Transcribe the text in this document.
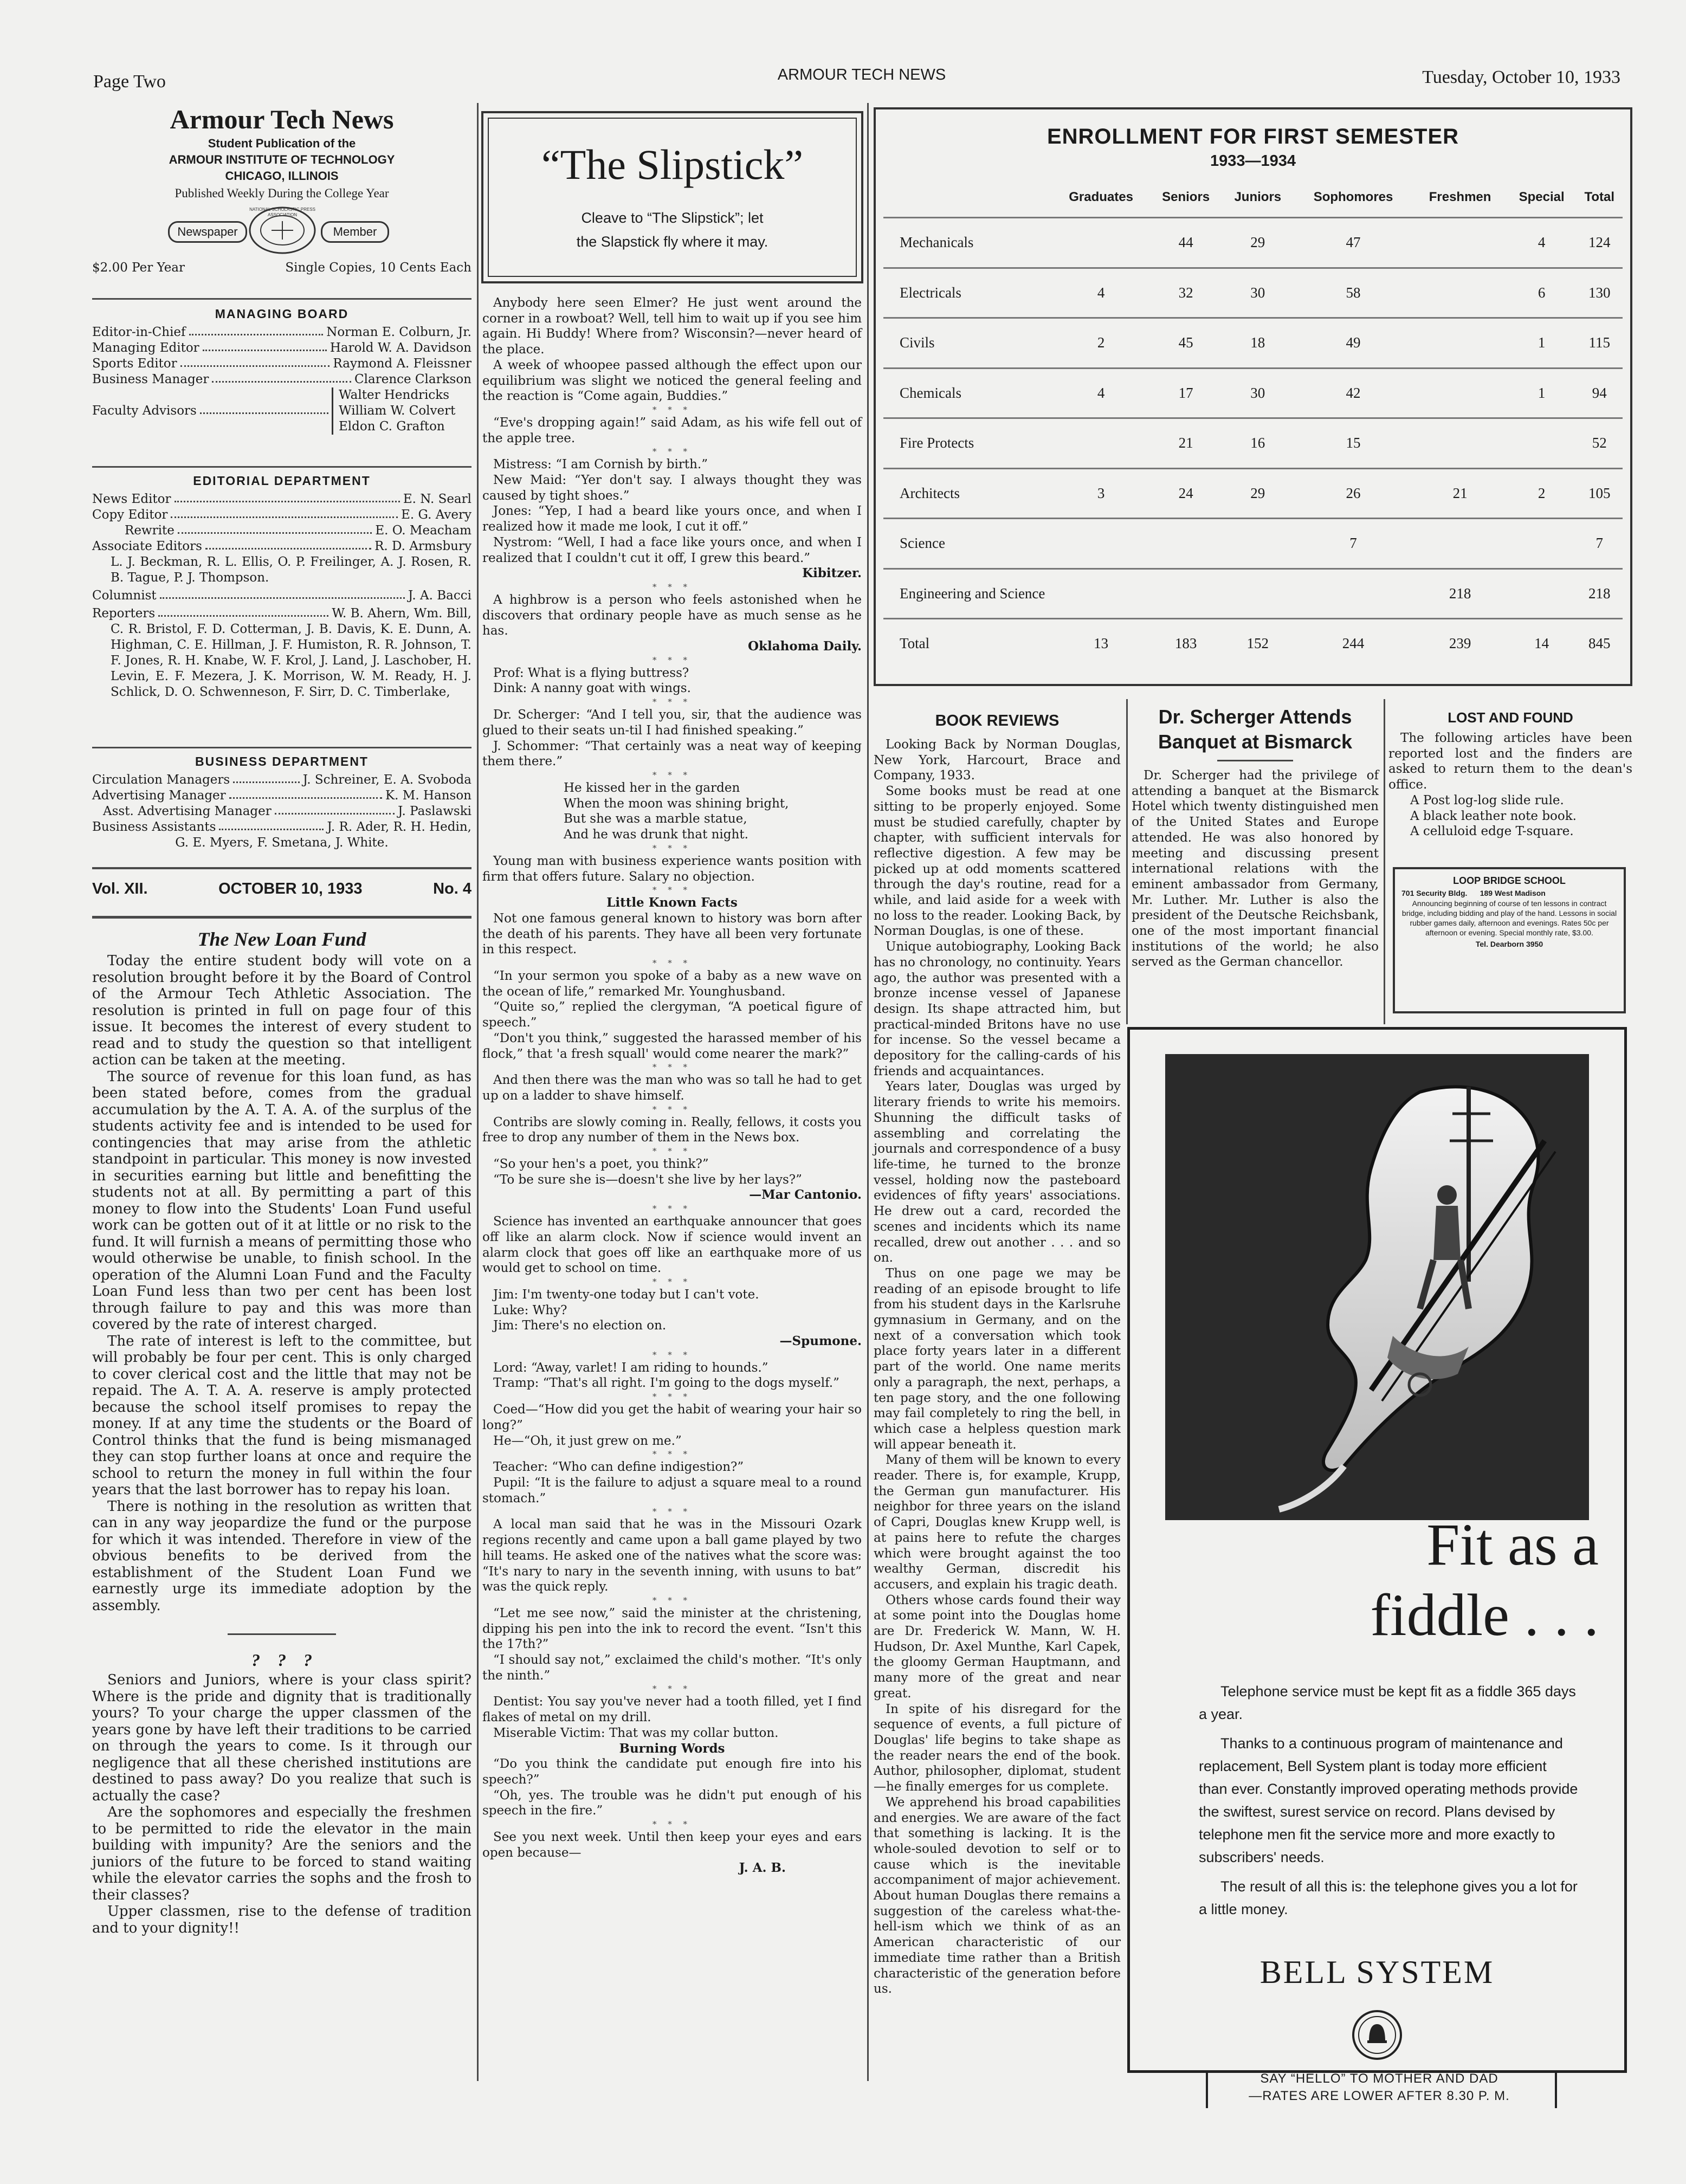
Page Two	ARMOUR TECH NEWS	Tuesday, October 10, 1933
Armour Tech News
Student Publication of the
ARMOUR INSTITUTE OF TECHNOLOGY
CHICAGO, ILLINOIS
Published Weekly During the College Year
Newspaper
NATIONAL SCHOLASTIC PRESS ASSOCIATION
Member
$2.00 Per Year	Single Copies, 10 Cents Each
MANAGING BOARD
Editor-in-Chief	Norman E. Colburn, Jr.
Managing Editor	Harold W. A. Davidson
Sports Editor	Raymond A. Fleissner
Business Manager	Clarence Clarkson
Faculty Advisors
Walter Hendricks
William W. Colvert
Eldon C. Grafton
EDITORIAL DEPARTMENT
News Editor	E. N. Searl
Copy Editor	E. G. Avery
Rewrite	E. O. Meacham
Associate Editors	R. D. Armsbury
L. J. Beckman, R. L. Ellis, O. P. Freilinger, A. J. Rosen, R. B. Tague, P. J. Thompson.
Columnist	J. A. Bacci
Reporters	W. B. Ahern, Wm. Bill,
C. R. Bristol, F. D. Cotterman, J. B. Davis, K. E. Dunn, A. Highman, C. E. Hillman, J. F. Humiston, R. R. Johnson, T. F. Jones, R. H. Knabe, W. F. Krol, J. Land, J. Laschober, H. Levin, E. F. Mezera, J. K. Morrison, W. M. Ready, H. J. Schlick, D. O. Schwenneson, F. Sirr, D. C. Timberlake,
BUSINESS DEPARTMENT
Circulation Managers	J. Schreiner, E. A. Svoboda
Advertising Manager	K. M. Hanson
Asst. Advertising Manager	J. Paslawski
Business Assistants	J. R. Ader, R. H. Hedin,
G. E. Myers, F. Smetana, J. White.
Vol. XII.	OCTOBER 10, 1933	No. 4
The New Loan Fund

Today the entire student body will vote on a resolution brought before it by the Board of Control of the Armour Tech Athletic Association. The resolution is printed in full on page four of this issue. It becomes the interest of every student to read and to study the question so that intelligent action can be taken at the meeting.

The source of revenue for this loan fund, as has been stated before, comes from the gradual accumulation by the A. T. A. A. of the surplus of the students activity fee and is intended to be used for contingencies that may arise from the athletic standpoint in particular. This money is now invested in securities earning but little and benefitting the students not at all. By permitting a part of this money to flow into the Students' Loan Fund useful work can be gotten out of it at little or no risk to the fund. It will furnish a means of permitting those who would otherwise be unable, to finish school. In the operation of the Alumni Loan Fund and the Faculty Loan Fund less than two per cent has been lost through failure to pay and this was more than covered by the rate of interest charged.

The rate of interest is left to the committee, but will probably be four per cent. This is only charged to cover clerical cost and the little that may not be repaid. The A. T. A. A. reserve is amply protected because the school itself promises to repay the money. If at any time the students or the Board of Control thinks that the fund is being mismanaged they can stop further loans at once and require the school to return the money in full within the four years that the last borrower has to repay his loan.

There is nothing in the resolution as written that can in any way jeopardize the fund or the purpose for which it was intended. Therefore in view of the obvious benefits to be derived from the establishment of the Student Loan Fund we earnestly urge its immediate adoption by the assembly.

?    ?    ?

Seniors and Juniors, where is your class spirit? Where is the pride and dignity that is traditionally yours? To your charge the upper classmen of the years gone by have left their traditions to be carried on through the years to come. Is it through our negligence that all these cherished institutions are destined to pass away? Do you realize that such is actually the case?

Are the sophomores and especially the freshmen to be permitted to ride the elevator in the main building with impunity? Are the seniors and the juniors of the future to be forced to stand waiting while the elevator carries the sophs and the frosh to their classes?

Upper classmen, rise to the defense of tradition and to your dignity!!

“The Slipstick”
Cleave to “The Slipstick”; let
the Slapstick fly where it may.

Anybody here seen Elmer? He just went around the corner in a rowboat? Well, tell him to wait up if you see him again. Hi Buddy! Where from? Wisconsin?—never heard of the place.

A week of whoopee passed although the effect upon our equilibrium was slight we noticed the general feeling and the reaction is “Come again, Buddies.”

* * *

“Eve's dropping again!” said Adam, as his wife fell out of the apple tree.

* * *

Mistress: “I am Cornish by birth.”

New Maid: “Yer don't say. I always thought they was caused by tight shoes.”

Jones: “Yep, I had a beard like yours once, and when I realized how it made me look, I cut it off.”

Nystrom: “Well, I had a face like yours once, and when I realized that I couldn't cut it off, I grew this beard.”

Kibitzer.

* * *

A highbrow is a person who feels astonished when he discovers that ordinary people have as much sense as he has.

Oklahoma Daily.

* * *

Prof: What is a flying buttress?

Dink: A nanny goat with wings.

* * *

Dr. Scherger: “And I tell you, sir, that the audience was glued to their seats un-til I had finished speaking.”

J. Schommer: “That certainly was a neat way of keeping them there.”

* * *

He kissed her in the garden

When the moon was shining bright,

But she was a marble statue,

And he was drunk that night.

* * *

Young man with business experience wants position with firm that offers future. Salary no objection.

* * *

Little Known Facts

Not one famous general known to history was born after the death of his parents. They have all been very fortunate in this respect.

* * *

“In your sermon you spoke of a baby as a new wave on the ocean of life,” remarked Mr. Younghusband.

“Quite so,” replied the clergyman, “A poetical figure of speech.”

“Don't you think,” suggested the harassed member of his flock,” that 'a fresh squall' would come nearer the mark?”

* * *

And then there was the man who was so tall he had to get up on a ladder to shave himself.

* * *

Contribs are slowly coming in. Really, fellows, it costs you free to drop any number of them in the News box.

* * *

“So your hen's a poet, you think?”

“To be sure she is—doesn't she live by her lays?”

—Mar Cantonio.

* * *

Science has invented an earthquake announcer that goes off like an alarm clock. Now if science would invent an alarm clock that goes off like an earthquake more of us would get to school on time.

* * *

Jim: I'm twenty-one today but I can't vote.

Luke: Why?

Jim: There's no election on.

—Spumone.

* * *

Lord: “Away, varlet! I am riding to hounds.”

Tramp: “That's all right. I'm going to the dogs myself.”

* * *

Coed—“How did you get the habit of wearing your hair so long?”

He—“Oh, it just grew on me.”

* * *

Teacher: “Who can define indigestion?”

Pupil: “It is the failure to adjust a square meal to a round stomach.”

* * *

A local man said that he was in the Missouri Ozark regions recently and came upon a ball game played by two hill teams. He asked one of the natives what the score was: “It's nary to nary in the seventh inning, with usuns to bat” was the quick reply.

* * *

“Let me see now,” said the minister at the christening, dipping his pen into the ink to record the event. “Isn't this the 17th?”

“I should say not,” exclaimed the child's mother. “It's only the ninth.”

* * *

Dentist: You say you've never had a tooth filled, yet I find flakes of metal on my drill.

Miserable Victim: That was my collar button.

Burning Words

“Do you think the candidate put enough fire into his speech?”

“Oh, yes. The trouble was he didn't put enough of his speech in the fire.”

* * *

See you next week. Until then keep your eyes and ears open because—

J. A. B.

ENROLLMENT FOR FIRST SEMESTER
1933—1934
	Graduates	Seniors	Juniors	Sophomores	Freshmen	Special	Total
Mechanicals		44	29	47		4	124
Electricals	4	32	30	58		6	130
Civils	2	45	18	49		1	115
Chemicals	4	17	30	42		1	94
Fire Protects		21	16	15			52
Architects	3	24	29	26	21	2	105
Science				7			7
Engineering and Science					218		218
Total	13	183	152	244	239	14	845
BOOK REVIEWS

Looking Back by Norman Douglas, New York, Harcourt, Brace and Company, 1933.

Some books must be read at one sitting to be properly enjoyed. Some must be studied carefully, chapter by chapter, with sufficient intervals for reflective digestion. A few may be picked up at odd moments scattered through the day's routine, read for a while, and laid aside for a week with no loss to the reader. Looking Back, by Norman Douglas, is one of these.

Unique autobiography, Looking Back has no chronology, no continuity. Years ago, the author was presented with a bronze incense vessel of Japanese design. Its shape attracted him, but practical-minded Britons have no use for incense. So the vessel became a depository for the calling-cards of his friends and acquaintances.

Years later, Douglas was urged by literary friends to write his memoirs. Shunning the difficult tasks of assembling and correlating the journals and correspondence of a busy life-time, he turned to the bronze vessel, holding now the pasteboard evidences of fifty years' associations. He drew out a card, recorded the scenes and incidents which its name recalled, drew out another . . . and so on.

Thus on one page we may be reading of an episode brought to life from his student days in the Karlsruhe gymnasium in Germany, and on the next of a conversation which took place forty years later in a different part of the world. One name merits only a paragraph, the next, perhaps, a ten page story, and the one following may fail completely to ring the bell, in which case a helpless question mark will appear beneath it.

Many of them will be known to every reader. There is, for example, Krupp, the German gun manufacturer. His neighbor for three years on the island of Capri, Douglas knew Krupp well, is at pains here to refute the charges which were brought against the too wealthy German, discredit his accusers, and explain his tragic death.

Others whose cards found their way at some point into the Douglas home are Dr. Frederick W. Mann, W. H. Hudson, Dr. Axel Munthe, Karl Capek, the gloomy German Hauptmann, and many more of the great and near great.

In spite of his disregard for the sequence of events, a full picture of Douglas' life begins to take shape as the reader nears the end of the book. Author, philosopher, diplomat, student—he finally emerges for us complete.

We apprehend his broad capabilities and energies. We are aware of the fact that something is lacking. It is the whole-souled devotion to self or to cause which is the inevitable accompaniment of major achievement. About human Douglas there remains a suggestion of the careless what-the-hell-ism which we think of as an American characteristic of our immediate time rather than a British characteristic of the generation before us.

Dr. Scherger Attends
Banquet at Bismarck

Dr. Scherger had the privilege of attending a banquet at the Bismarck Hotel which twenty distinguished men of the United States and Europe attended. He was also honored by meeting and discussing present international relations with the eminent ambassador from Germany, Mr. Luther. Mr. Luther is also the president of the Deutsche Reichsbank, one of the most important financial institutions of the world; he also served as the German chancellor.

LOST AND FOUND

The following articles have been reported lost and the finders are asked to return them to the dean's office.

A Post log-log slide rule.
A black leather note book.
A celluloid edge T-square.
LOOP BRIDGE SCHOOL
701 Security Bldg.      189 West Madison
Announcing beginning of course of ten lessons in contract bridge, including bidding and play of the hand. Lessons in social rubber games daily, afternoon and evenings. Rates 50c per afternoon or evening. Special monthly rate, $3.00.
Tel. Dearborn 3950
Fit as a
fiddle . . .

Telephone service must be kept fit as a fiddle 365 days a year.

Thanks to a continuous program of maintenance and replacement, Bell System plant is today more efficient than ever. Constantly improved operating methods provide the swiftest, surest service on record. Plans devised by telephone men fit the service more and more exactly to subscribers' needs.

The result of all this is: the telephone gives you a lot for a little money.

BELL SYSTEM
SAY “HELLO” TO MOTHER AND DAD
—RATES ARE LOWER AFTER 8.30 P. M.
